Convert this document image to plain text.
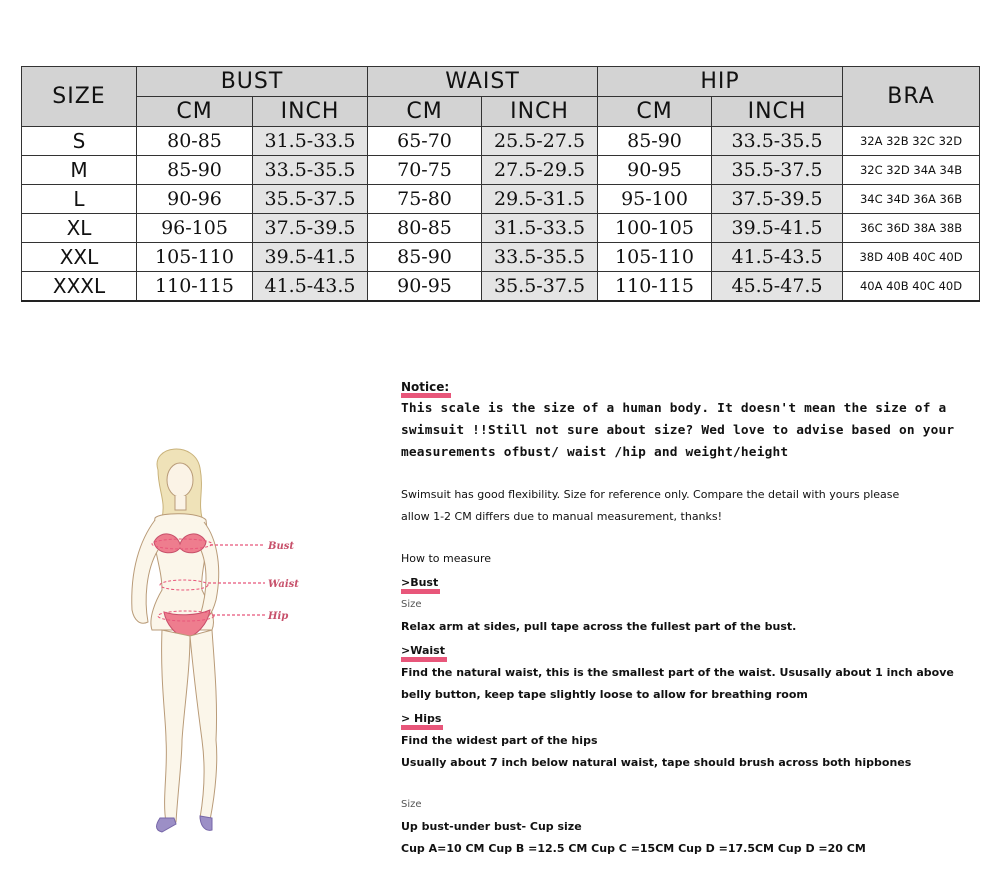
SIZE	BUST		WAIST		HIP		BRA
	CM	INCH	CM	INCH	CM	INCH	
S	80-85	31.5-33.5	65-70	25.5-27.5	85-90	33.5-35.5	32A 32B 32C 32D
M	85-90	33.5-35.5	70-75	27.5-29.5	90-95	35.5-37.5	32C 32D 34A 34B
L	90-96	35.5-37.5	75-80	29.5-31.5	95-100	37.5-39.5	34C 34D 36A 36B
XL	96-105	37.5-39.5	80-85	31.5-33.5	100-105	39.5-41.5	36C 36D 38A 38B
XXL	105-110	39.5-41.5	85-90	33.5-35.5	105-110	41.5-43.5	38D 40B 40C 40D
XXXL	110-115	41.5-43.5	90-95	35.5-37.5	110-115	45.5-47.5	40A 40B 40C 40D
Bust
Waist
Hip

Notice:

This scale is the size of a human body. It doesn't mean the size of a

swimsuit !!Still not sure about size? Wed love to advise based on your

measurements ofbust/ waist /hip and weight/height

Swimsuit has good flexibility. Size for reference only. Compare the detail with yours please

allow 1-2 CM differs due to manual measurement, thanks!

How to measure

>Bust

Size

Relax arm at sides, pull tape across the fullest part of the bust.

>Waist

Find the natural waist, this is the smallest part of the waist. Ususally about 1 inch above

belly button, keep tape slightly loose to allow for breathing room

> Hips

Find the widest part of the hips

Usually about 7 inch below natural waist, tape should brush across both hipbones

Size

Up bust-under bust- Cup size

Cup A=10 CM Cup B =12.5 CM Cup C =15CM Cup D =17.5CM Cup D =20 CM
